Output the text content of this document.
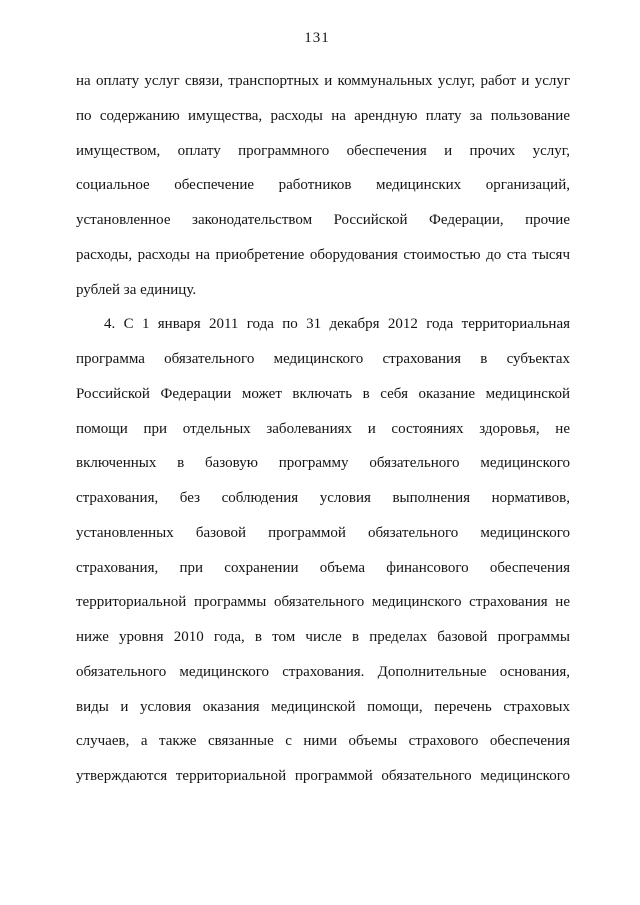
131
на оплату услуг связи, транспортных и коммунальных услуг, работ и услуг
по содержанию имущества, расходы на арендную плату за пользование
имуществом, оплату программного обеспечения и прочих услуг,
социальное обеспечение работников медицинских организаций,
установленное законодательством Российской Федерации, прочие
расходы, расходы на приобретение оборудования стоимостью до ста тысяч
рублей за единицу.
4. С 1 января 2011 года по 31 декабря 2012 года территориальная
программа обязательного медицинского страхования в субъектах
Российской Федерации может включать в себя оказание медицинской
помощи при отдельных заболеваниях и состояниях здоровья, не
включенных в базовую программу обязательного медицинского
страхования, без соблюдения условия выполнения нормативов,
установленных базовой программой обязательного медицинского
страхования, при сохранении объема финансового обеспечения
территориальной программы обязательного медицинского страхования не
ниже уровня 2010 года, в том числе в пределах базовой программы
обязательного медицинского страхования. Дополнительные основания,
виды и условия оказания медицинской помощи, перечень страховых
случаев, а также связанные с ними объемы страхового обеспечения
утверждаются территориальной программой обязательного медицинского
